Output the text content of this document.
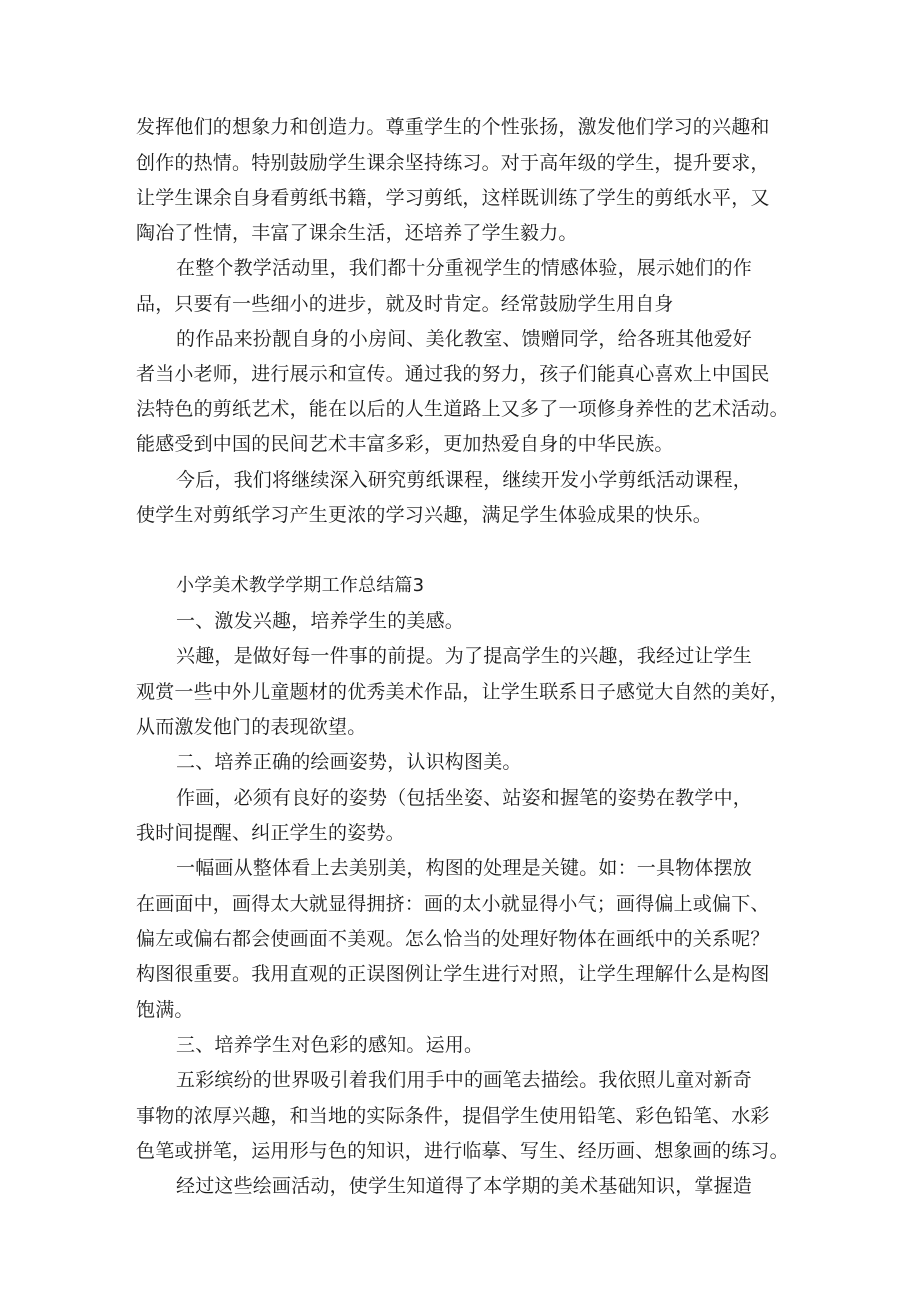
发挥他们的想象力和创造力。尊重学生的个性张扬，激发他们学习的兴趣和
创作的热情。特别鼓励学生课余坚持练习。对于高年级的学生，提升要求，
让学生课余自身看剪纸书籍，学习剪纸，这样既训练了学生的剪纸水平，又
陶冶了性情，丰富了课余生活，还培养了学生毅力。
在整个教学活动里，我们都十分重视学生的情感体验，展示她们的作
品，只要有一些细小的进步，就及时肯定。经常鼓励学生用自身
的作品来扮靓自身的小房间、美化教室、馈赠同学，给各班其他爱好
者当小老师，进行展示和宣传。通过我的努力，孩子们能真心喜欢上中国民
法特色的剪纸艺术，能在以后的人生道路上又多了一项修身养性的艺术活动。
能感受到中国的民间艺术丰富多彩，更加热爱自身的中华民族。
今后，我们将继续深入研究剪纸课程，继续开发小学剪纸活动课程，
使学生对剪纸学习产生更浓的学习兴趣，满足学生体验成果的快乐。
小学美术教学学期工作总结篇3
一、激发兴趣，培养学生的美感。
兴趣，是做好每一件事的前提。为了提高学生的兴趣，我经过让学生
观赏一些中外儿童题材的优秀美术作品，让学生联系日子感觉大自然的美好，
从而激发他门的表现欲望。
二、培养正确的绘画姿势，认识构图美。
作画，必须有良好的姿势（包括坐姿、站姿和握笔的姿势在教学中，
我时间提醒、纠正学生的姿势。
一幅画从整体看上去美别美，构图的处理是关键。如：一具物体摆放
在画面中，画得太大就显得拥挤：画的太小就显得小气；画得偏上或偏下、
偏左或偏右都会使画面不美观。怎么恰当的处理好物体在画纸中的关系呢？
构图很重要。我用直观的正误图例让学生进行对照，让学生理解什么是构图
饱满。
三、培养学生对色彩的感知。运用。
五彩缤纷的世界吸引着我们用手中的画笔去描绘。我依照儿童对新奇
事物的浓厚兴趣，和当地的实际条件，提倡学生使用铅笔、彩色铅笔、水彩
色笔或拼笔，运用形与色的知识，进行临摹、写生、经历画、想象画的练习。
经过这些绘画活动，使学生知道得了本学期的美术基础知识，掌握造
